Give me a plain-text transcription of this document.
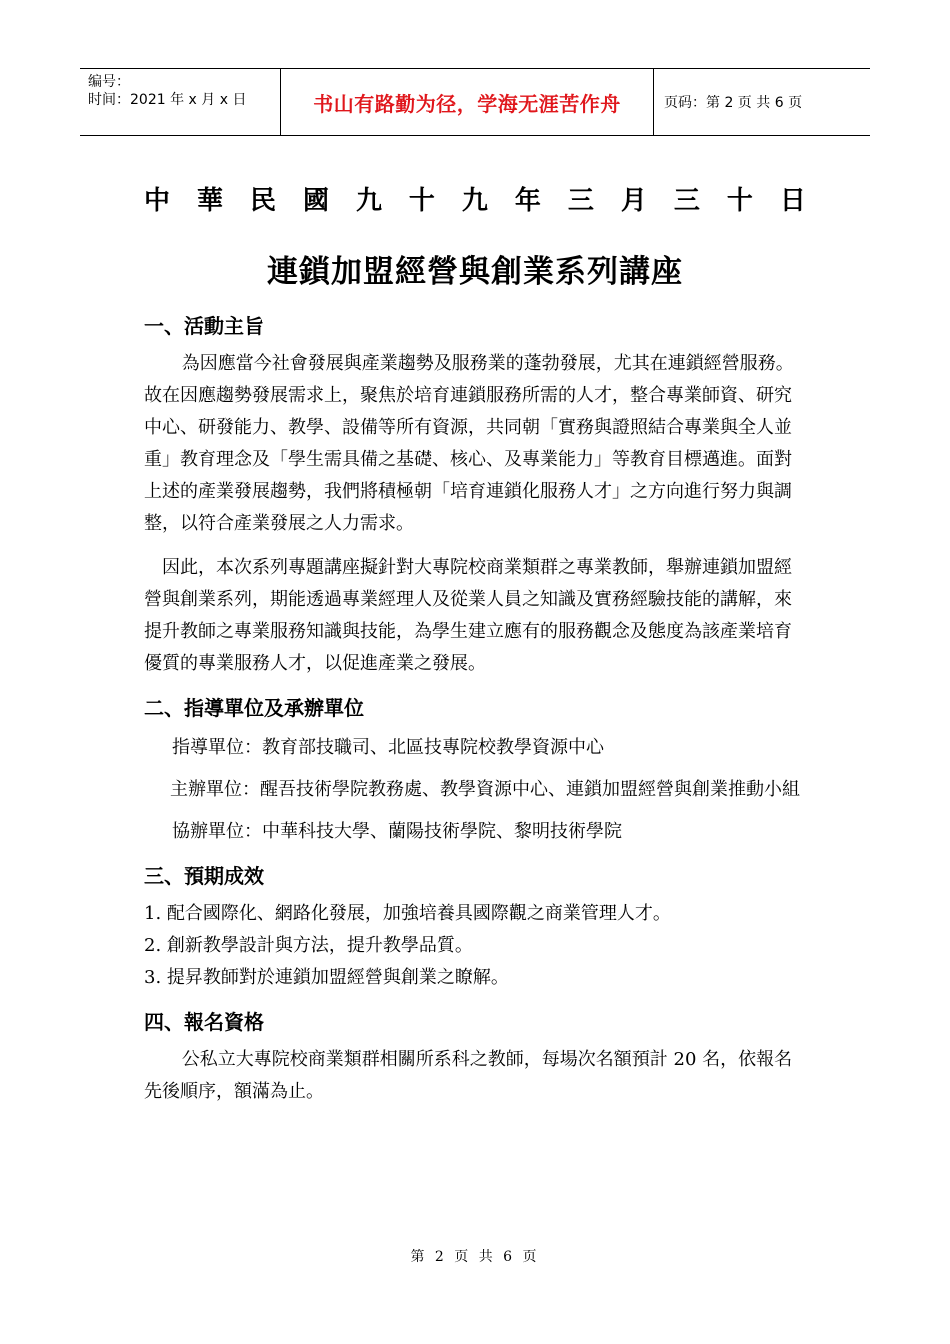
编号：
时间：2021 年 x 月 x 日	书山有路勤为径，学海无涯苦作舟	页码：第 2 页 共 6 页
中 華 民 國 九 十 九 年 三 月 三 十 日
連鎖加盟經營與創業系列講座
一、活動主旨

為因應當今社會發展與產業趨勢及服務業的蓬勃發展，尤其在連鎖經營服務。故在因應趨勢發展需求上，聚焦於培育連鎖服務所需的人才，整合專業師資、研究中心、研發能力、教學、設備等所有資源，共同朝「實務與證照結合專業與全人並重」教育理念及「學生需具備之基礎、核心、及專業能力」等教育目標邁進。面對上述的產業發展趨勢，我們將積極朝「培育連鎖化服務人才」之方向進行努力與調整，以符合產業發展之人力需求。

因此，本次系列專題講座擬針對大專院校商業類群之專業教師，舉辦連鎖加盟經營與創業系列，期能透過專業經理人及從業人員之知識及實務經驗技能的講解，來提升教師之專業服務知識與技能，為學生建立應有的服務觀念及態度為該產業培育優質的專業服務人才，以促進產業之發展。

二、指導單位及承辦單位
指導單位： 教育部技職司、北區技專院校教學資源中心
主辦單位： 醒吾技術學院教務處、教學資源中心、連鎖加盟經營與創業推動小組
協辦單位： 中華科技大學、蘭陽技術學院、黎明技術學院
三、預期成效
1. 配合國際化、網路化發展，加強培養具國際觀之商業管理人才。
2. 創新教學設計與方法，提升教學品質。
3. 提昇教師對於連鎖加盟經營與創業之瞭解。
四、報名資格

公私立大專院校商業類群相關所系科之教師，每場次名額預計 20 名，依報名先後順序，額滿為止。

第 2 页 共 6 页
